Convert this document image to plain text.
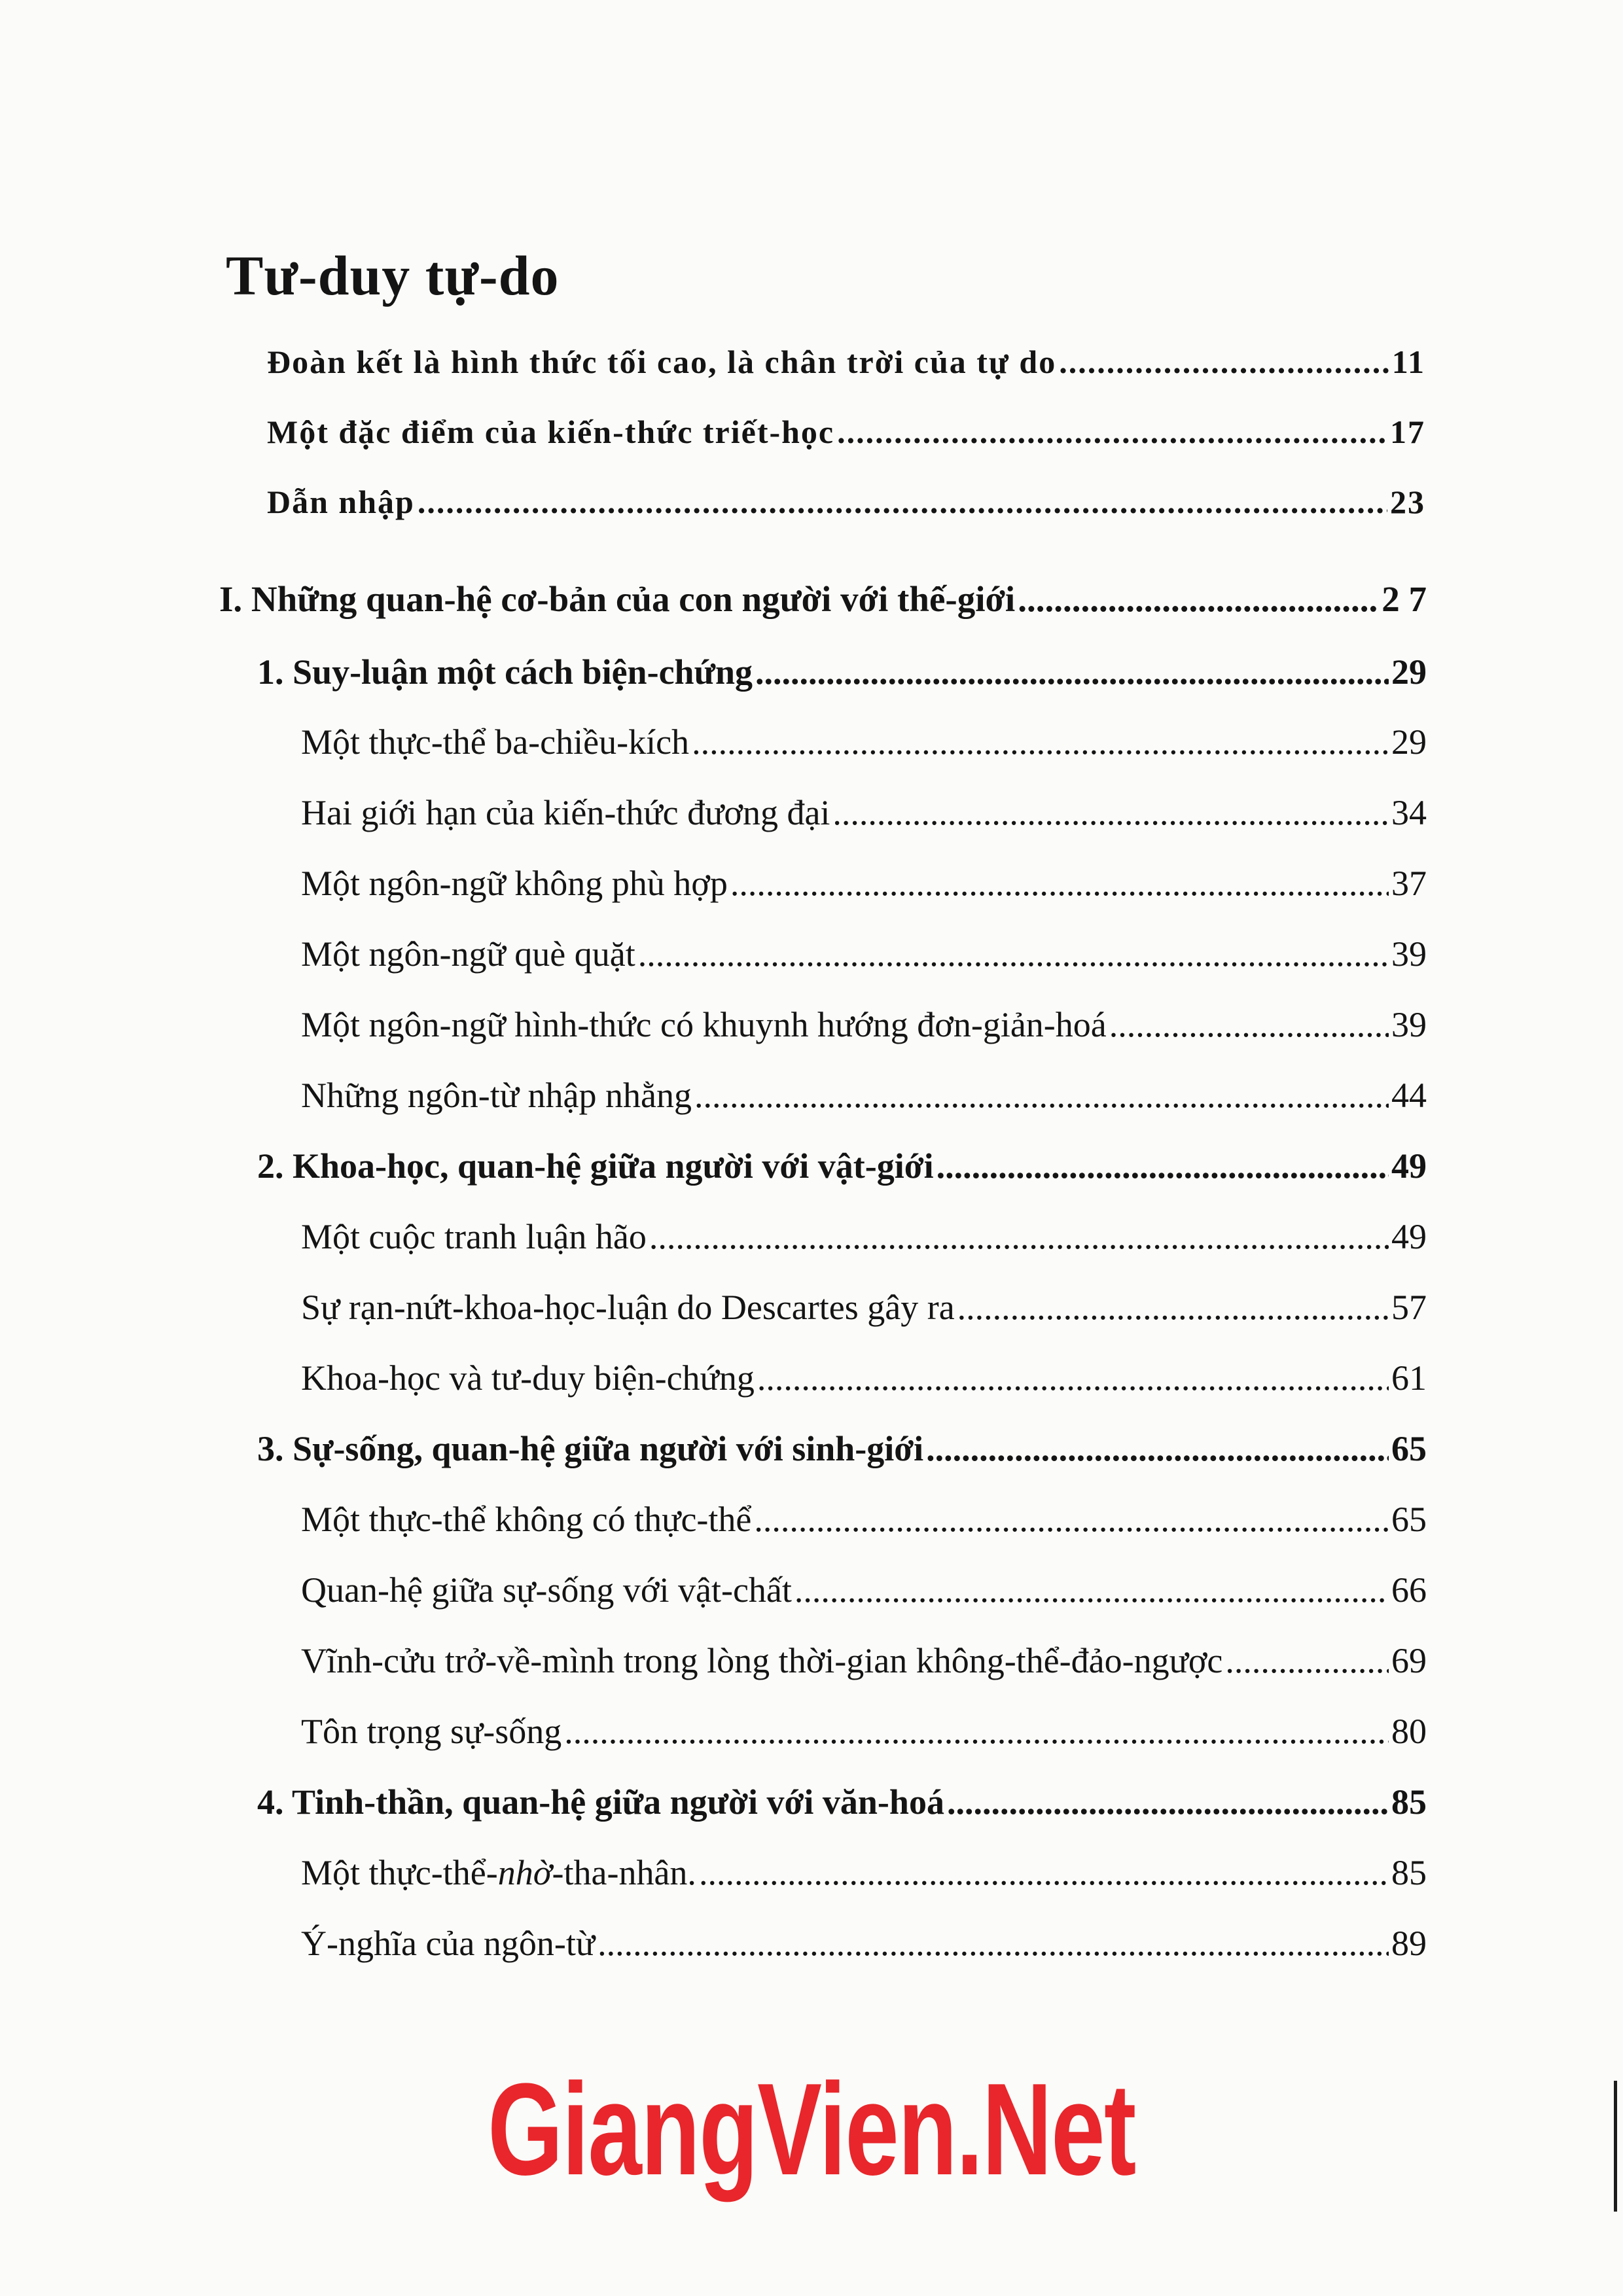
Tư-duy tự-do
Đoàn kết là hình thức tối cao, là chân trời của tự do .....	11
Một đặc điểm của kiến-thức triết-học .....	17
Dẫn nhập .....	23
I. Những quan-hệ cơ-bản của con người với thế-giới .....	2 7
1. Suy-luận một cách biện-chứng .....	29
Một thực-thể ba-chiều-kích .....	29
Hai giới hạn của kiến-thức đương đại .....	34
Một ngôn-ngữ không phù hợp .....	37
Một ngôn-ngữ què quặt .....	39
Một ngôn-ngữ hình-thức có khuynh hướng đơn-giản-hoá .....	39
Những ngôn-từ nhập nhằng .....	44
2. Khoa-học, quan-hệ giữa người với vật-giới .....	49
Một cuộc tranh luận hão .....	49
Sự rạn-nứt-khoa-học-luận do Descartes gây ra .....	57
Khoa-học và tư-duy biện-chứng .....	61
3. Sự-sống, quan-hệ giữa người với sinh-giới .....	65
Một thực-thể không có thực-thể .....	65
Quan-hệ giữa sự-sống với vật-chất .....	66
Vĩnh-cửu trở-về-mình trong lòng thời-gian không-thể-đảo-ngược .....	69
Tôn trọng sự-sống .....	80
4. Tinh-thần, quan-hệ giữa người với văn-hoá .....	85
Một thực-thể-nhờ-tha-nhân. .....	85
Ý-nghĩa của ngôn-từ .....	89
GiangVien.Net
